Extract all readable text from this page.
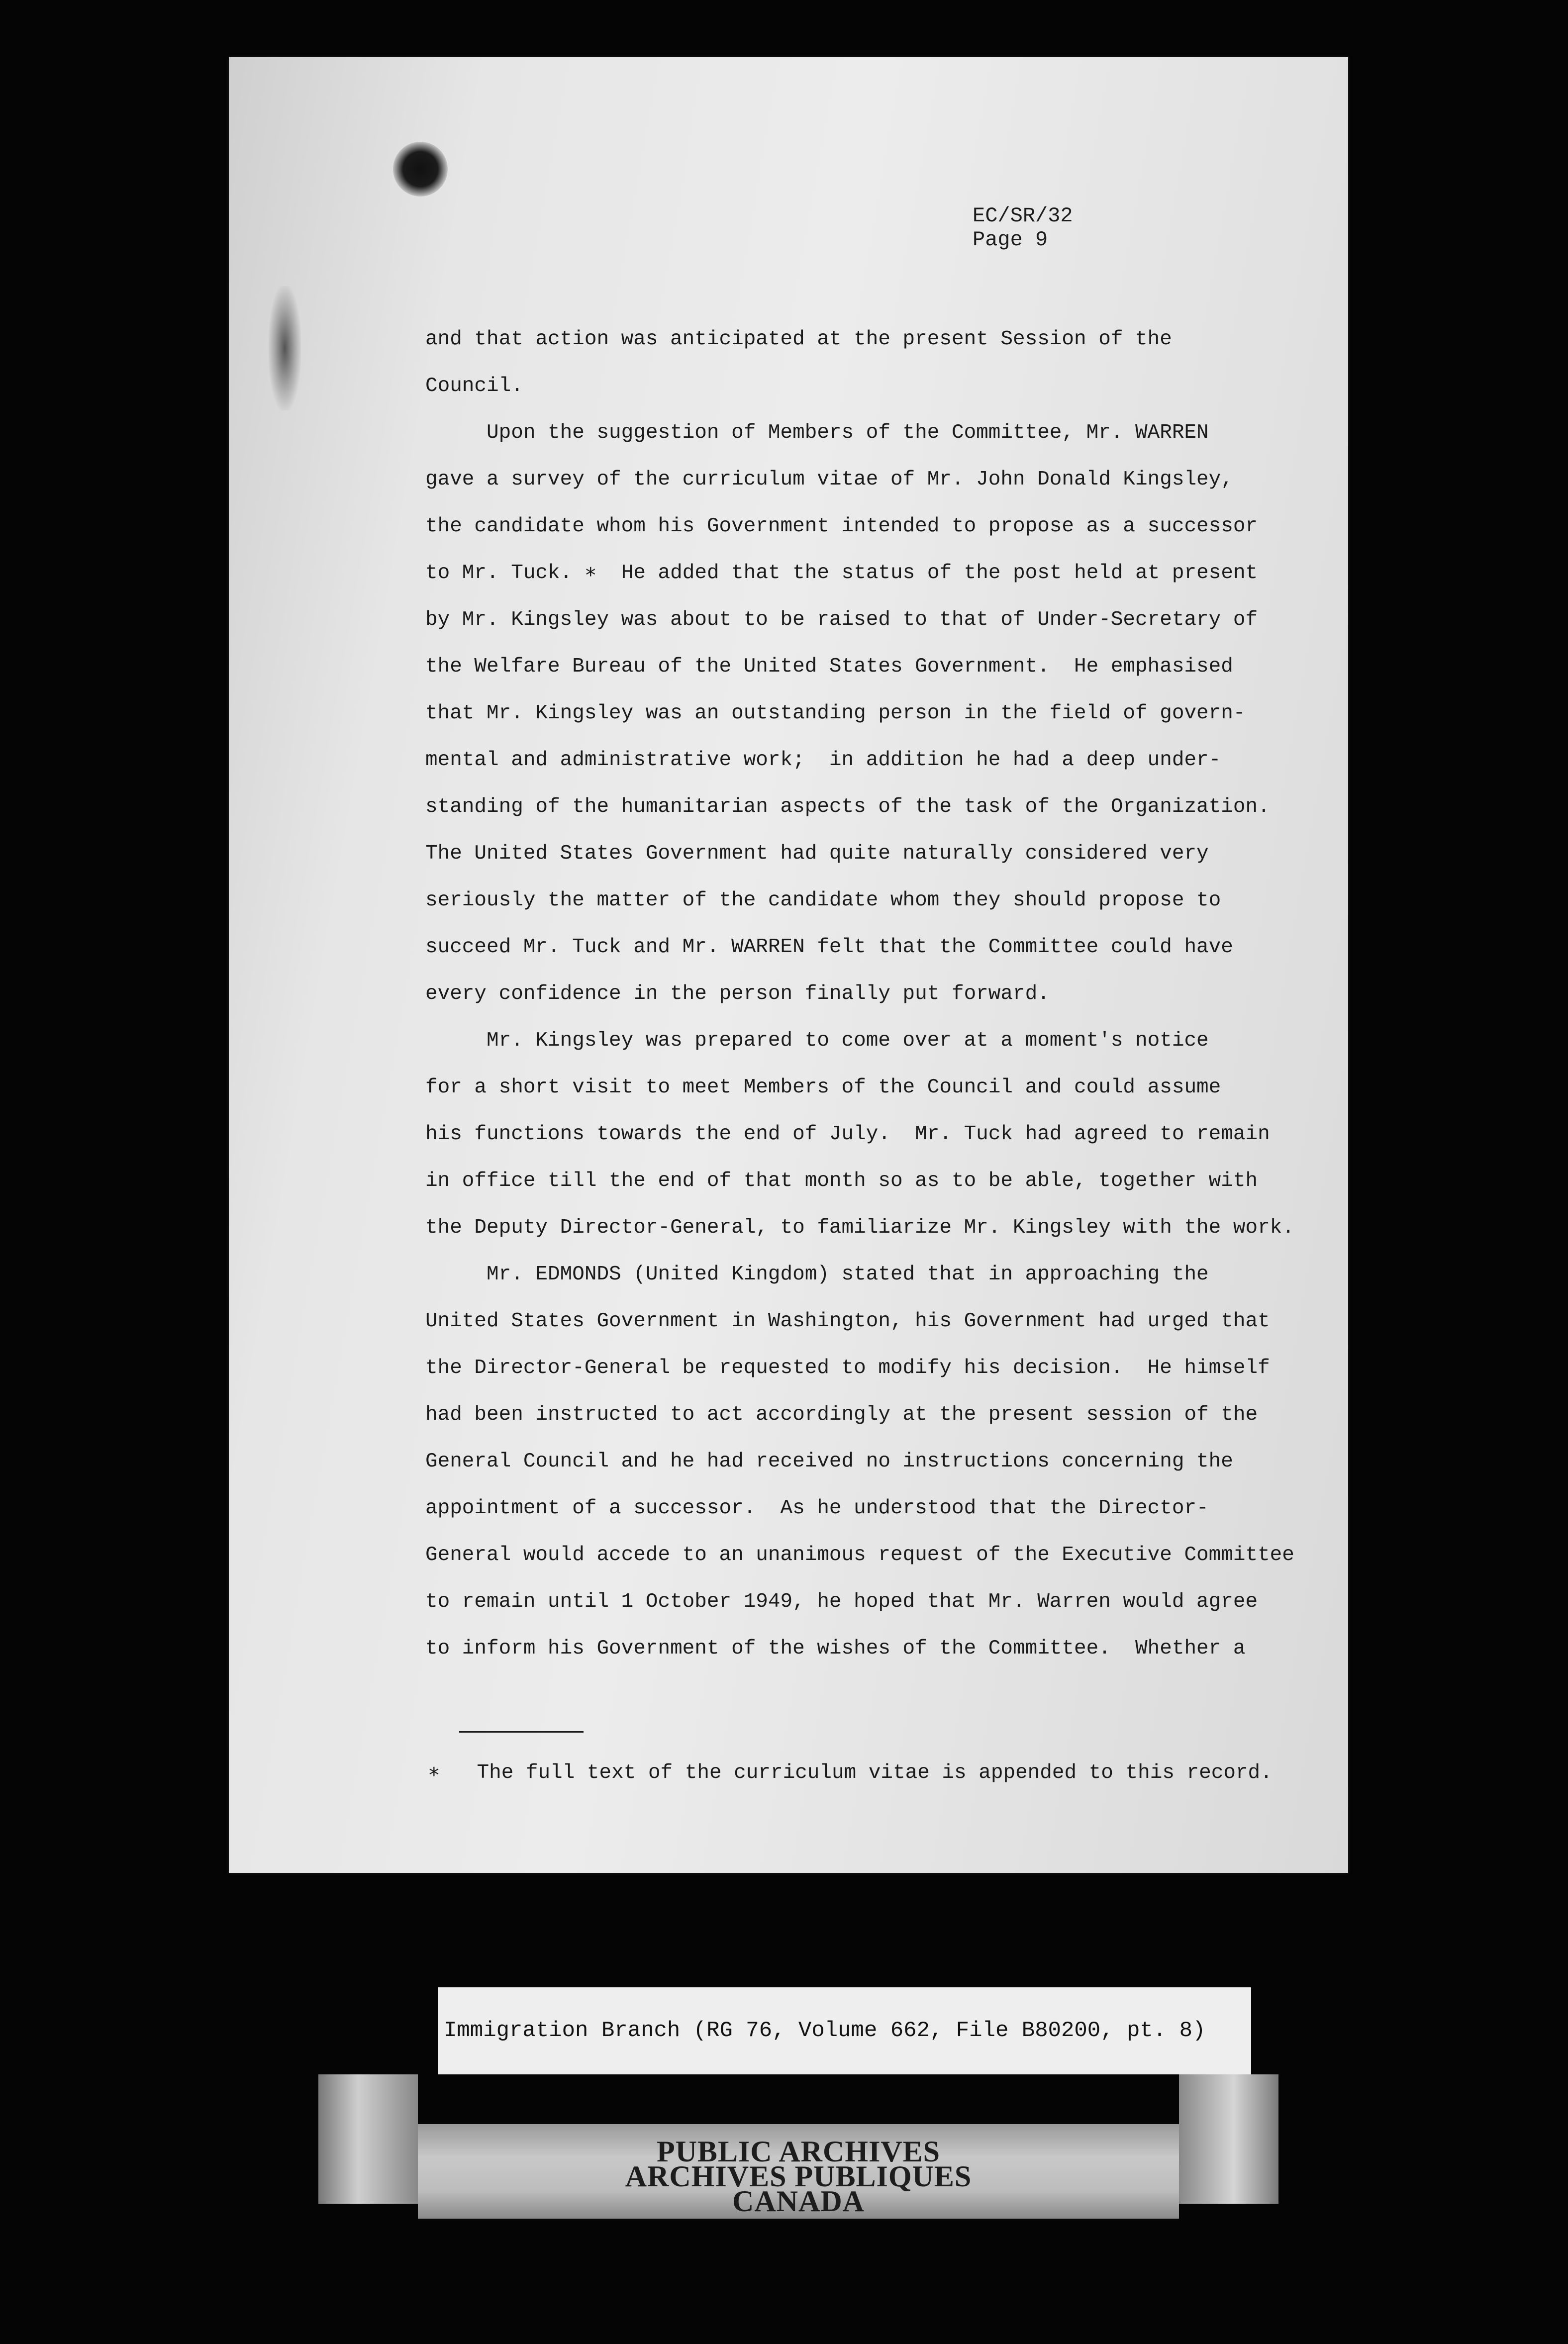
EC/SR/32
Page 9
and that action was anticipated at the present Session of the
Council.
Upon the suggestion of Members of the Committee, Mr. WARREN
gave a survey of the curriculum vitae of Mr. John Donald Kingsley,
the candidate whom his Government intended to propose as a successor
to Mr. Tuck. ∗  He added that the status of the post held at present
by Mr. Kingsley was about to be raised to that of Under-Secretary of
the Welfare Bureau of the United States Government.  He emphasised
that Mr. Kingsley was an outstanding person in the field of govern-
mental and administrative work;  in addition he had a deep under-
standing of the humanitarian aspects of the task of the Organization.
The United States Government had quite naturally considered very
seriously the matter of the candidate whom they should propose to
succeed Mr. Tuck and Mr. WARREN felt that the Committee could have
every confidence in the person finally put forward.
Mr. Kingsley was prepared to come over at a moment's notice
for a short visit to meet Members of the Council and could assume
his functions towards the end of July.  Mr. Tuck had agreed to remain
in office till the end of that month so as to be able, together with
the Deputy Director-General, to familiarize Mr. Kingsley with the work.
Mr. EDMONDS (United Kingdom) stated that in approaching the
United States Government in Washington, his Government had urged that
the Director-General be requested to modify his decision.  He himself
had been instructed to act accordingly at the present session of the
General Council and he had received no instructions concerning the
appointment of a successor.  As he understood that the Director-
General would accede to an unanimous request of the Executive Committee
to remain until 1 October 1949, he hoped that Mr. Warren would agree
to inform his Government of the wishes of the Committee.  Whether a
∗   The full text of the curriculum vitae is appended to this record.
Immigration Branch (RG 76, Volume 662, File B80200, pt. 8)
PUBLIC ARCHIVES
ARCHIVES PUBLIQUES
CANADA
